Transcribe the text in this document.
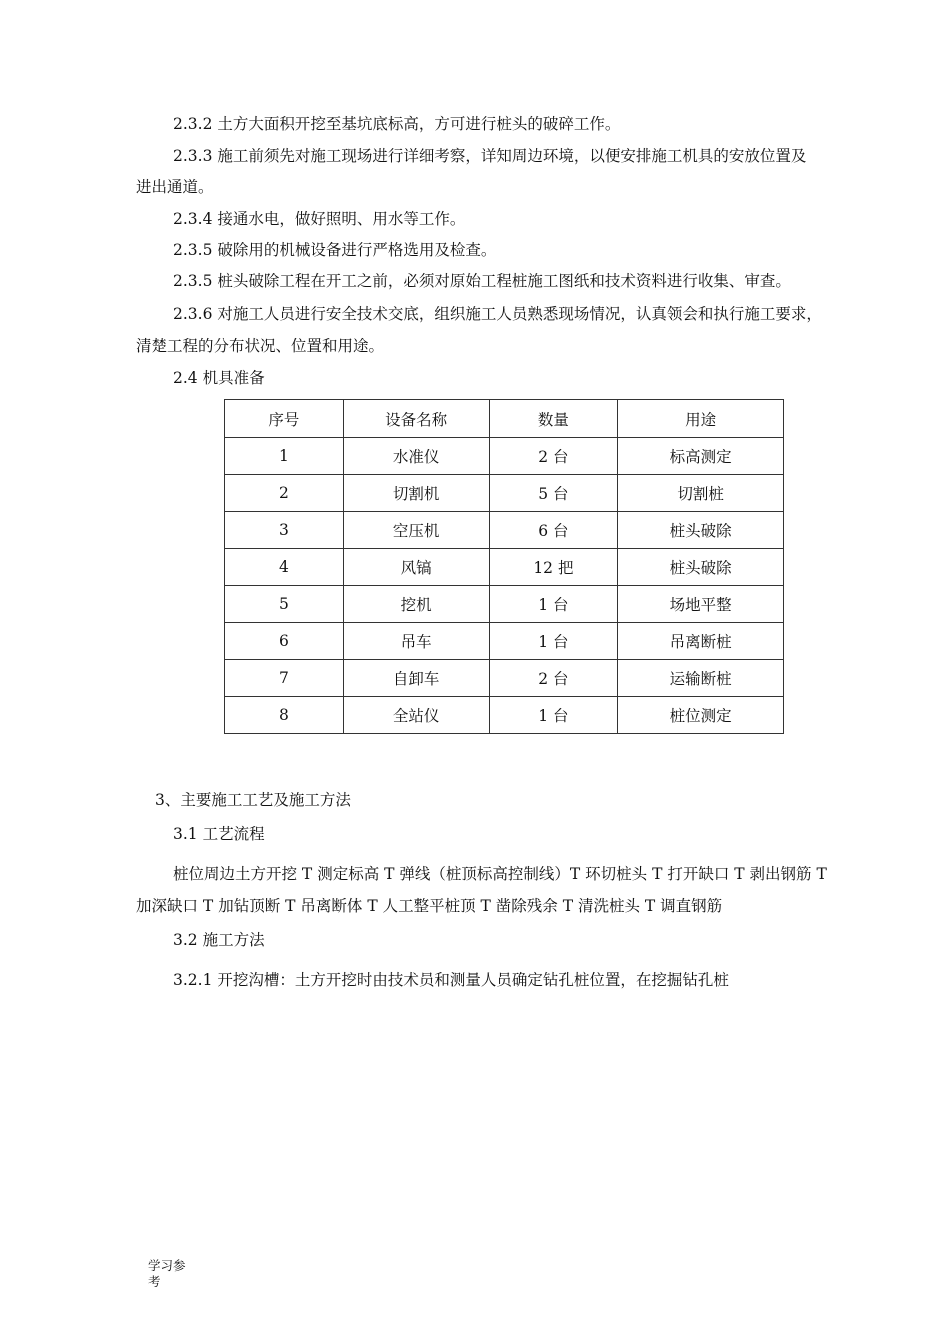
2.3.2 土方大面积开挖至基坑底标高，方可进行桩头的破碎工作。
2.3.3 施工前须先对施工现场进行详细考察，详知周边环境，以便安排施工机具的安放位置及
进出通道。
2.3.4 接通水电，做好照明、用水等工作。
2.3.5 破除用的机械设备进行严格选用及检查。
2.3.5 桩头破除工程在开工之前，必须对原始工程桩施工图纸和技术资料进行收集、审查。
2.3.6 对施工人员进行安全技术交底，组织施工人员熟悉现场情况，认真领会和执行施工要求，
清楚工程的分布状况、位置和用途。
2.4 机具准备
序号	设备名称	数量	用途
1	水准仪	2 台	标高测定
2	切割机	5 台	切割桩
3	空压机	6 台	桩头破除
4	风镐	12 把	桩头破除
5	挖机	1 台	场地平整
6	吊车	1 台	吊离断桩
7	自卸车	2 台	运输断桩
8	全站仪	1 台	桩位测定
3、主要施工工艺及施工方法
3.1 工艺流程
桩位周边土方开挖 T 测定标高 T 弹线（桩顶标高控制线）T 环切桩头 T 打开缺口 T 剥出钢筋 T
加深缺口 T 加钻顶断 T 吊离断体 T 人工整平桩顶 T 凿除残余 T 清洗桩头 T 调直钢筋
3.2 施工方法
3.2.1 开挖沟槽：土方开挖时由技术员和测量人员确定钻孔桩位置，在挖掘钻孔桩
学习参
考
